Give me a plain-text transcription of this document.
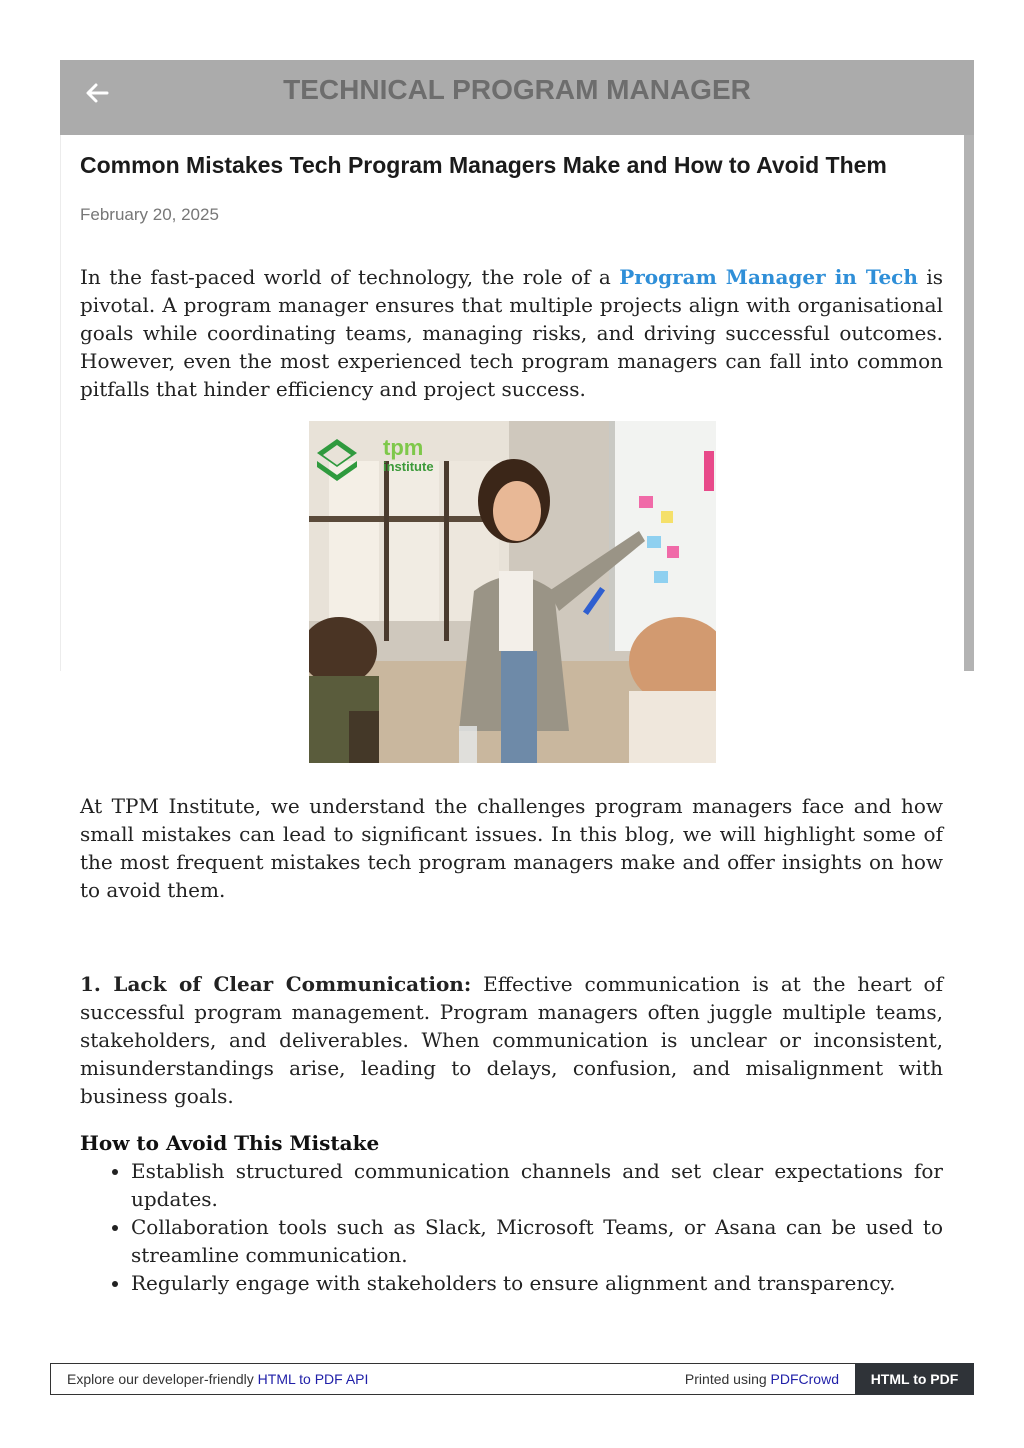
TECHNICAL PROGRAM MANAGER
Common Mistakes Tech Program Managers Make and How to Avoid Them

February 20, 2025

In the fast-paced world of technology, the role of a Program Manager in Tech is pivotal. A program manager ensures that multiple projects align with organisational goals while coordinating teams, managing risks, and driving successful outcomes. However, even the most experienced tech program managers can fall into common pitfalls that hinder efficiency and project success.

tpm
institute

At TPM Institute, we understand the challenges program managers face and how small mistakes can lead to significant issues. In this blog, we will highlight some of the most frequent mistakes tech program managers make and offer insights on how to avoid them.

1. Lack of Clear Communication: Effective communication is at the heart of successful program management. Program managers often juggle multiple teams, stakeholders, and deliverables. When communication is unclear or inconsistent, misunderstandings arise, leading to delays, confusion, and misalignment with business goals.

How to Avoid This Mistake

• Establish structured communication channels and set clear expectations for updates.
• Collaboration tools such as Slack, Microsoft Teams, or Asana can be used to streamline communication.
• Regularly engage with stakeholders to ensure alignment and transparency.
Explore our developer-friendly HTML to PDF API	Printed using PDFCrowd	HTML to PDF
